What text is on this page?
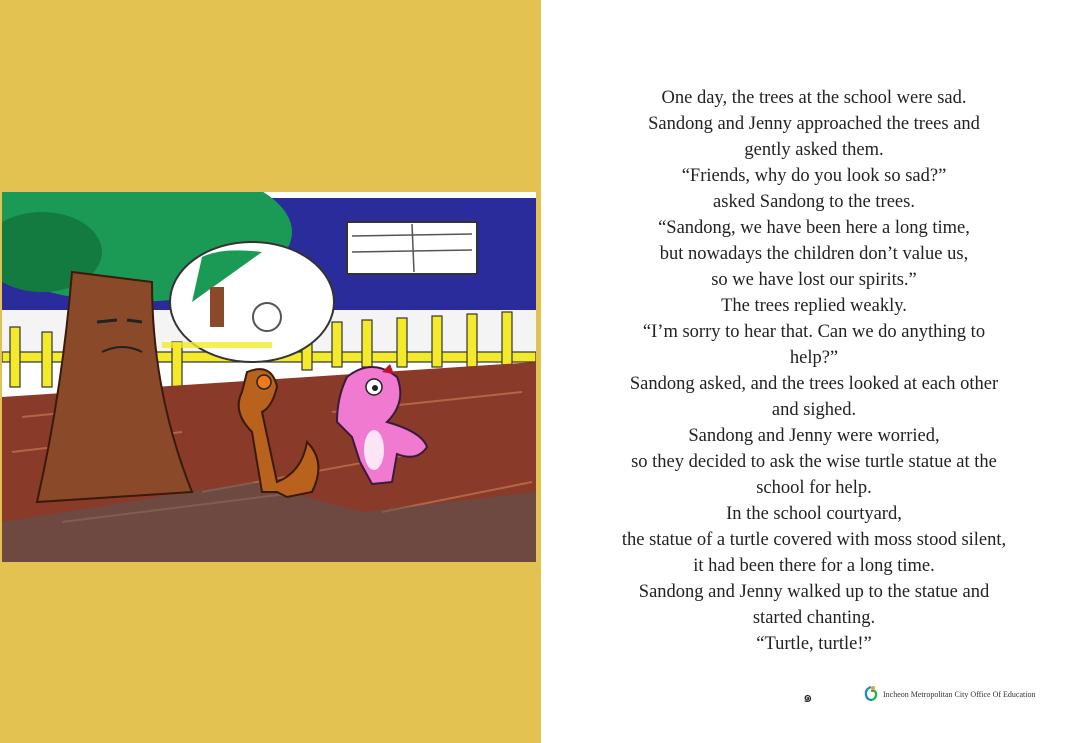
One day, the trees at the school were sad.

Sandong and Jenny approached the trees and

gently asked them.

“Friends, why do you look so sad?”

asked Sandong to the trees.

“Sandong, we have been here a long time,

but nowadays the children don’t value us,

so we have lost our spirits.”

The trees replied weakly.

“I’m sorry to hear that. Can we do anything to

help?”

Sandong asked, and the trees looked at each other

and sighed.

Sandong and Jenny were worried,

so they decided to ask the wise turtle statue at the

school for help.

In the school courtyard,

the statue of a turtle covered with moss stood silent,

it had been there for a long time.

Sandong and Jenny walked up to the statue and

started chanting.

“Turtle, turtle!”

๑	Incheon Metropolitan City Office Of Education
